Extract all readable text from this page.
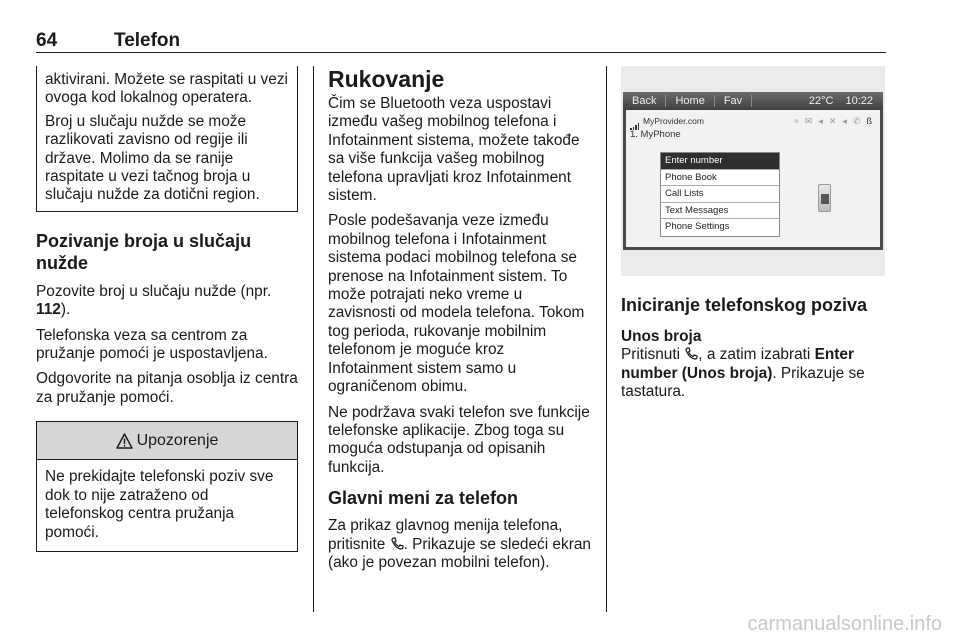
64	Telefon

aktivirani. Možete se raspitati u vezi ovoga kod lokalnog operatera.

Broj u slučaju nužde se može razlikovati zavisno od regije ili države. Molimo da se ranije raspitate u vezi tačnog broja u slučaju nužde za dotični region.

Pozivanje broja u slučaju nužde

Pozovite broj u slučaju nužde (npr. 112).

Telefonska veza sa centrom za pružanje pomoći je uspostavljena.

Odgovorite na pitanja osoblja iz centra za pružanje pomoći.

Upozorenje
Ne prekidajte telefonski poziv sve dok to nije zatraženo od telefonskog centra pružanja pomoći.
Rukovanje

Čim se Bluetooth veza uspostavi između vašeg mobilnog telefona i Infotainment sistema, možete takođe sa više funkcija vašeg mobilnog telefona upravljati kroz Infotainment sistem.

Posle podešavanja veze između mobilnog telefona i Infotainment sistema podaci mobilnog telefona se prenose na Infotainment sistem. To može potrajati neko vreme u zavisnosti od modela telefona. Tokom tog perioda, rukovanje mobilnim telefonom je moguće kroz Infotainment sistem samo u ograničenom obimu.

Ne podržava svaki telefon sve funkcije telefonske aplikacije. Zbog toga su moguća odstupanja od opisanih funkcija.

Glavni meni za telefon

Za prikaz glavnog menija telefona, pritisnite . Prikazuje se sledeći ekran (ako je povezan mobilni telefon).

Back	Home	Fav	22°C 10:22
MyProvider.com	≈ ✉ ◂ ✕ ◂ ✆ ß
1. MyPhone
Enter number
Phone Book
Call Lists
Text Messages
Phone Settings
Iniciranje telefonskog poziva
Unos broja

Pritisnuti , a zatim izabrati Enter number (Unos broja). Prikazuje se tastatura.

carmanualsonline.info
